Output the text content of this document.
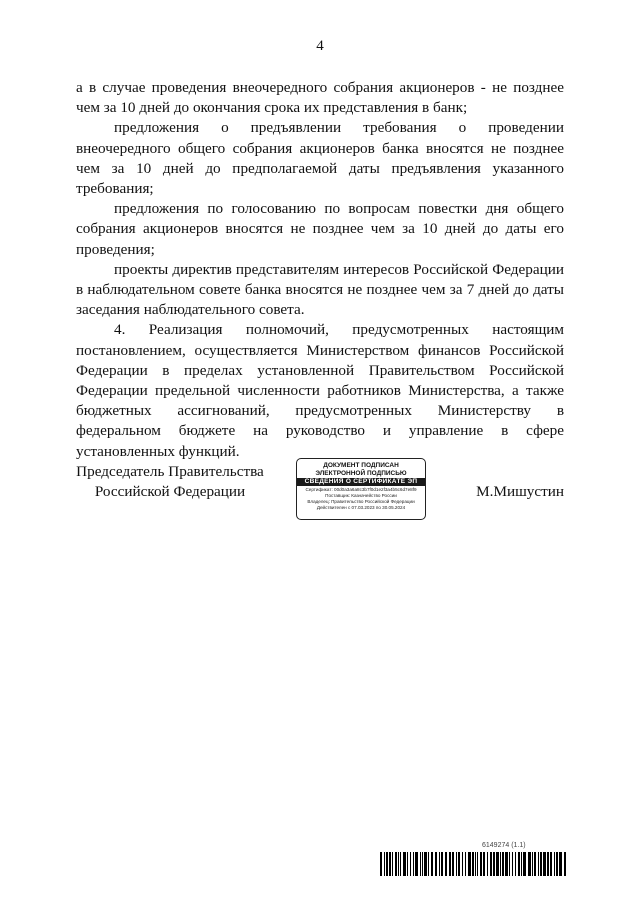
4

а в случае проведения внеочередного собрания акционеров - не позднее чем за 10 дней до окончания срока их представления в банк;

предложения о предъявлении требования о проведении внеочередного общего собрания акционеров банка вносятся не позднее чем за 10 дней до предполагаемой даты предъявления указанного требования;

предложения по голосованию по вопросам повестки дня общего собрания акционеров вносятся не позднее чем за 10 дней до даты его проведения;

проекты директив представителям интересов Российской Федерации в наблюдательном совете банка вносятся не позднее чем за 7 дней до даты заседания наблюдательного совета.

4. Реализация полномочий, предусмотренных настоящим постановлением, осуществляется Министерством финансов Российской Федерации в пределах установленной Правительством Российской Федерации предельной численности работников Министерства, а также бюджетных ассигнований, предусмотренных Министерству в федеральном бюджете на руководство и управление в сфере установленных функций.

Председатель Правительства
Российской Федерации
ДОКУМЕНТ ПОДПИСАН
ЭЛЕКТРОННОЙ ПОДПИСЬЮ
СВЕДЕНИЯ О СЕРТИФИКАТЕ ЭП
Сертификат: 00d0a3a6a8c3b7f0d1e2f3a4b5c6d7e8f9
Поставщик: Казначейство России
Владелец: Правительство Российской Федерации
Действителен с 07.03.2023 по 30.05.2024
М.Мишустин
6149274 (1.1)
